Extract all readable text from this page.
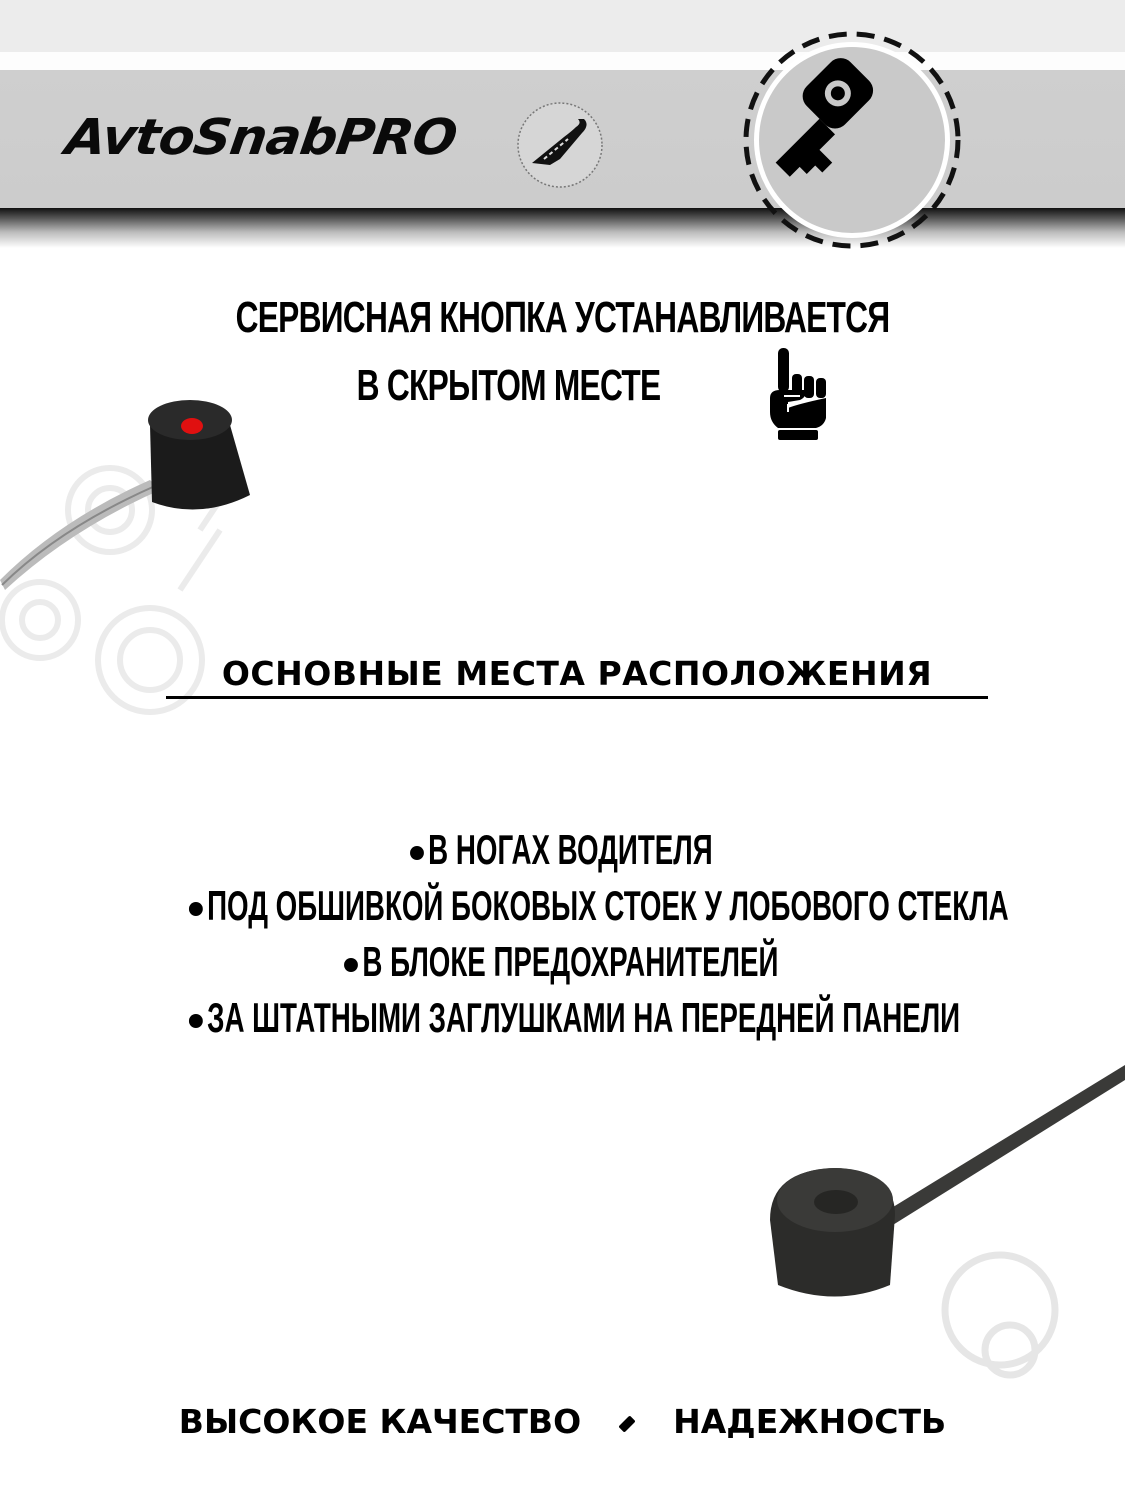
AvtoSnabPRO
СЕРВИСНАЯ КНОПКА УСТАНАВЛИВАЕТСЯ
В СКРЫТОМ МЕСТЕ
ОСНОВНЫЕ МЕСТА РАСПОЛОЖЕНИЯ
В НОГАХ ВОДИТЕЛЯ
ПОД ОБШИВКОЙ БОКОВЫХ СТОЕК У ЛОБОВОГО СТЕКЛА
В БЛОКЕ ПРЕДОХРАНИТЕЛЕЙ
ЗА ШТАТНЫМИ ЗАГЛУШКАМИ НА ПЕРЕДНЕЙ ПАНЕЛИ
ВЫСОКОЕ КАЧЕСТВО	НАДЕЖНОСТЬ
